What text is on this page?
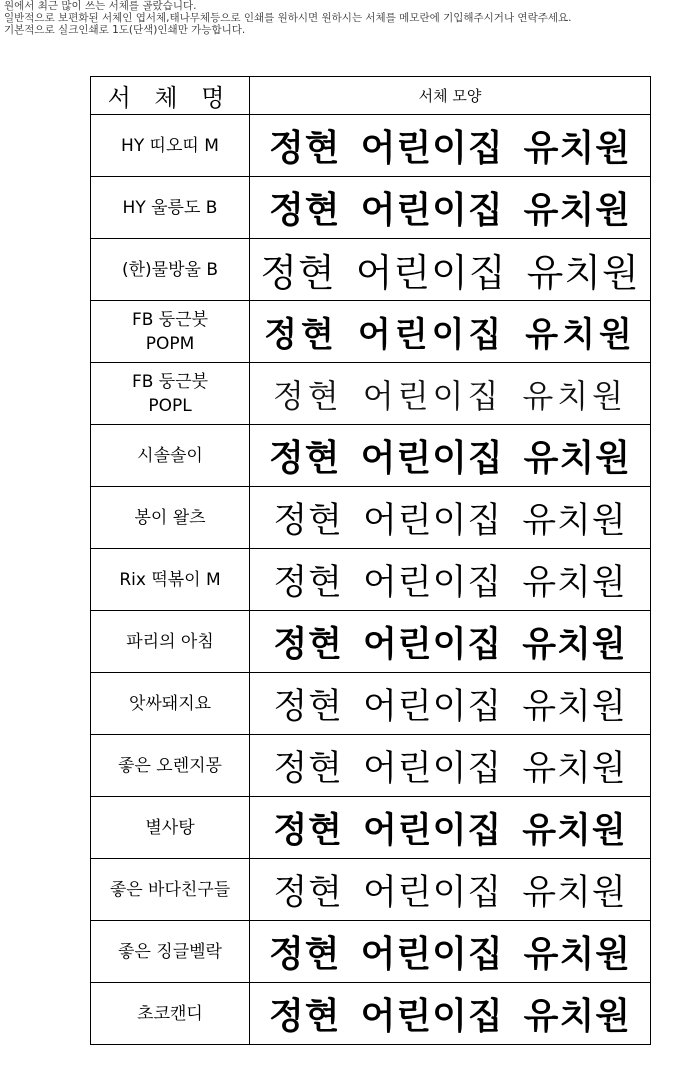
원에서 최근 많이 쓰는 서체를 골랐습니다.
일반적으로 보편화된 서체인 엽서체,태나무체등으로 인쇄를 원하시면 원하시는 서체를 메모란에 기입해주시거나 연락주세요.
기본적으로 실크인쇄로 1도(단색)인쇄만 가능합니다.
서 체 명	서체 모양

HY 띠오띠 M	정현 어린이집 유치원

HY 울릉도 B	정현 어린이집 유치원

(한)물방울 B	정현 어린이집 유치원

FB 둥근붓
POPM	정현 어린이집 유치원

FB 둥근붓
POPL	정현 어린이집 유치원

시솔솔이	정현 어린이집 유치원

봉이 왈츠	정현 어린이집 유치원

Rix 떡볶이 M	정현 어린이집 유치원

파리의 아침	정현 어린이집 유치원

앗싸돼지요	정현 어린이집 유치원

좋은 오렌지몽	정현 어린이집 유치원

별사탕	정현 어린이집 유치원

좋은 바다친구들	정현 어린이집 유치원

좋은 징글벨락	정현 어린이집 유치원

초코캔디	정현 어린이집 유치원
